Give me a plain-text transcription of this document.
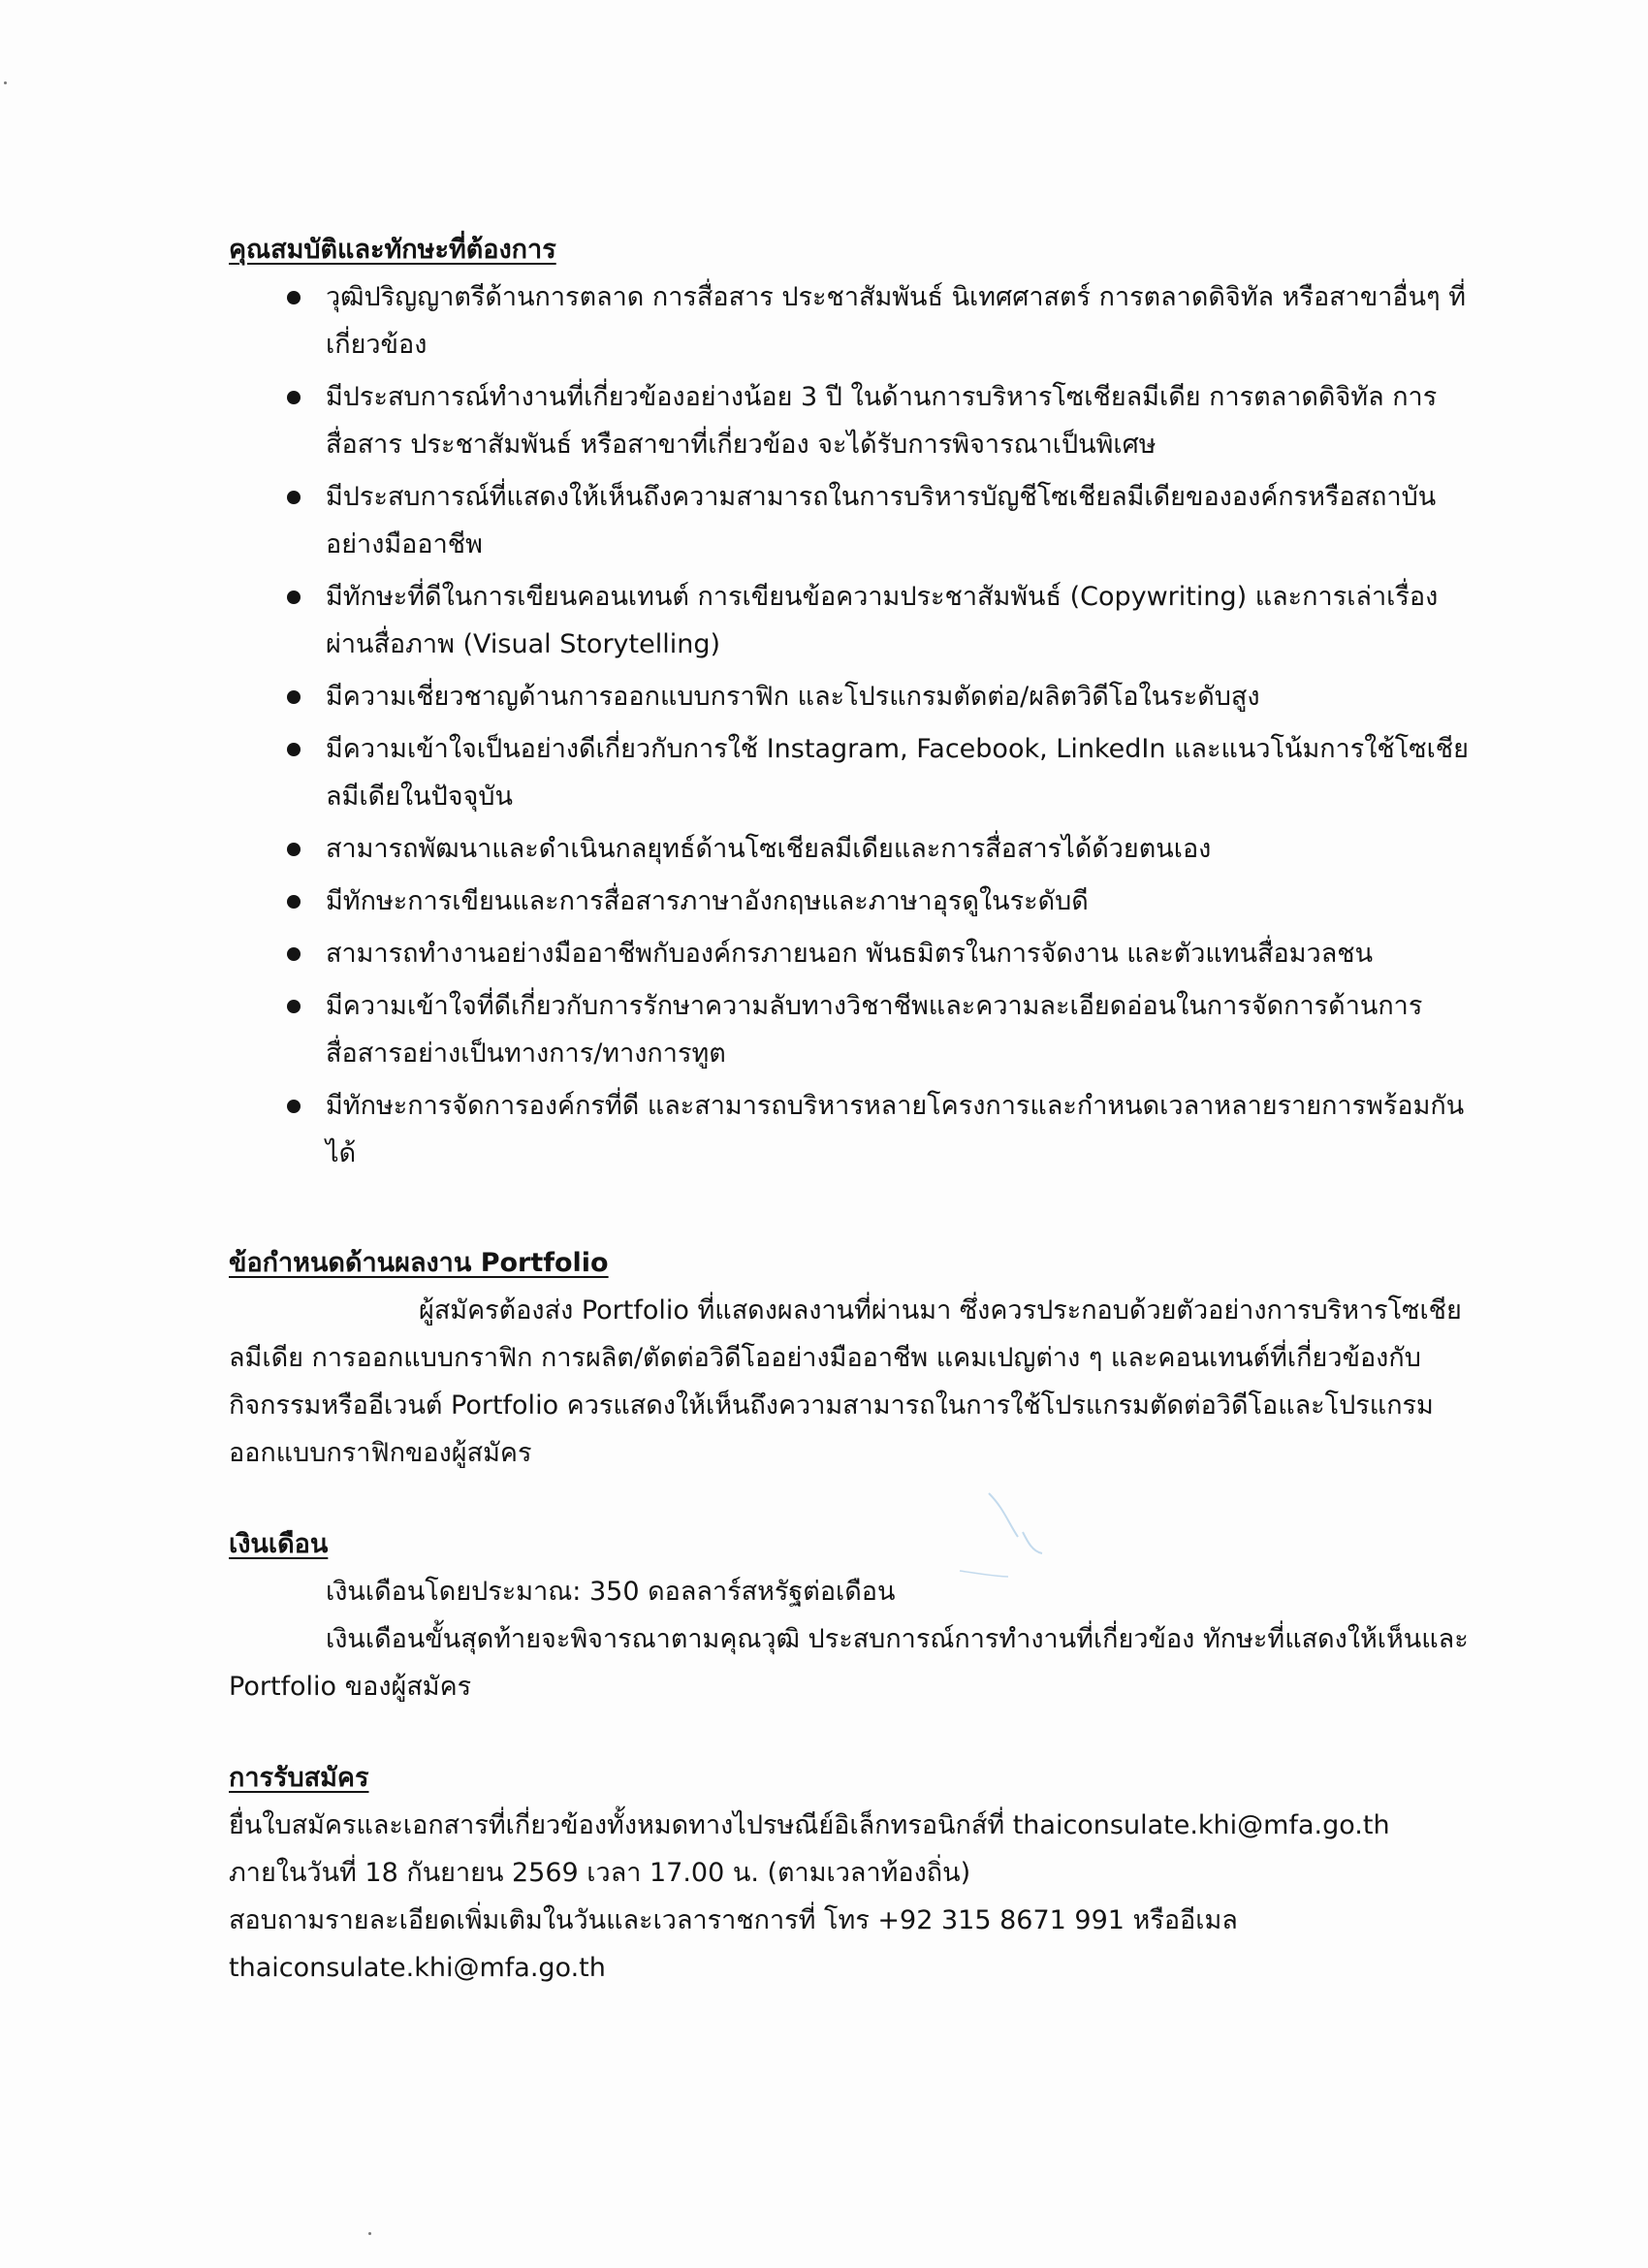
คุณสมบัติและทักษะที่ต้องการ
วุฒิปริญญาตรีด้านการตลาด การสื่อสาร ประชาสัมพันธ์ นิเทศศาสตร์ การตลาดดิจิทัล หรือสาขาอื่นๆ ที่เกี่ยวข้อง
มีประสบการณ์ทำงานที่เกี่ยวข้องอย่างน้อย 3 ปี ในด้านการบริหารโซเชียลมีเดีย การตลาดดิจิทัล การสื่อสาร ประชาสัมพันธ์ หรือสาขาที่เกี่ยวข้อง จะได้รับการพิจารณาเป็นพิเศษ
มีประสบการณ์ที่แสดงให้เห็นถึงความสามารถในการบริหารบัญชีโซเชียลมีเดียขององค์กรหรือสถาบันอย่างมืออาชีพ
มีทักษะที่ดีในการเขียนคอนเทนต์ การเขียนข้อความประชาสัมพันธ์ (Copywriting) และการเล่าเรื่องผ่านสื่อภาพ (Visual Storytelling)
มีความเชี่ยวชาญด้านการออกแบบกราฟิก และโปรแกรมตัดต่อ/ผลิตวิดีโอในระดับสูง
มีความเข้าใจเป็นอย่างดีเกี่ยวกับการใช้ Instagram, Facebook, LinkedIn และแนวโน้มการใช้โซเชียลมีเดียในปัจจุบัน
สามารถพัฒนาและดำเนินกลยุทธ์ด้านโซเชียลมีเดียและการสื่อสารได้ด้วยตนเอง
มีทักษะการเขียนและการสื่อสารภาษาอังกฤษและภาษาอุรดูในระดับดี
สามารถทำงานอย่างมืออาชีพกับองค์กรภายนอก พันธมิตรในการจัดงาน และตัวแทนสื่อมวลชน
มีความเข้าใจที่ดีเกี่ยวกับการรักษาความลับทางวิชาชีพและความละเอียดอ่อนในการจัดการด้านการสื่อสารอย่างเป็นทางการ/ทางการทูต
มีทักษะการจัดการองค์กรที่ดี และสามารถบริหารหลายโครงการและกำหนดเวลาหลายรายการพร้อมกันได้
ข้อกำหนดด้านผลงาน Portfolio

ผู้สมัครต้องส่ง Portfolio ที่แสดงผลงานที่ผ่านมา ซึ่งควรประกอบด้วยตัวอย่างการบริหารโซเชียลมีเดีย การออกแบบกราฟิก การผลิต/ตัดต่อวิดีโออย่างมืออาชีพ แคมเปญต่าง ๆ และคอนเทนต์ที่เกี่ยวข้องกับกิจกรรมหรืออีเวนต์ Portfolio ควรแสดงให้เห็นถึงความสามารถในการใช้โปรแกรมตัดต่อวิดีโอและโปรแกรมออกแบบกราฟิกของผู้สมัคร

เงินเดือน

เงินเดือนโดยประมาณ: 350 ดอลลาร์สหรัฐต่อเดือน

เงินเดือนขั้นสุดท้ายจะพิจารณาตามคุณวุฒิ ประสบการณ์การทำงานที่เกี่ยวข้อง ทักษะที่แสดงให้เห็นและ Portfolio ของผู้สมัคร

การรับสมัคร
ยื่นใบสมัครและเอกสารที่เกี่ยวข้องทั้งหมดทางไปรษณีย์อิเล็กทรอนิกส์ที่ thaiconsulate.khi@mfa.go.th
ภายในวันที่ 18 กันยายน 2569 เวลา 17.00 น. (ตามเวลาท้องถิ่น)
สอบถามรายละเอียดเพิ่มเติมในวันและเวลาราชการที่ โทร +92 315 8671 991 หรืออีเมล
thaiconsulate.khi@mfa.go.th
